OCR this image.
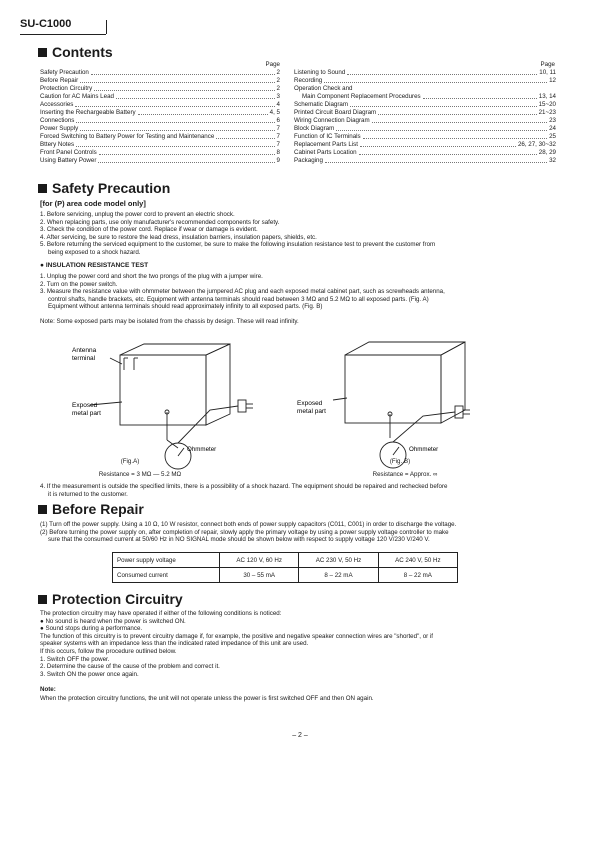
SU-C1000
Contents
Page	Page
Safety Precaution	2
Before Repair	2
Protection Circuitry	2
Caution for AC Mains Lead	3
Accessories	4
Inserting the Rechargeable Battery	4, 5
Connections	6
Power Supply	7
Forced Switching to Battery Power for Testing and Maintenance	7
Bttery Notes	7
Front Panel Controls	8
Using Battery Power	9
Listening to Sound	10, 11
Recording	12
Operation Check and
Main Component Replacement Procedures	13, 14
Schematic Diagram	15~20
Printed Circuit Board Diagram	21~23
Wiring Connection Diagram	23
Block Diagram	24
Function of IC Terminals	25
Replacement Parts List	26, 27, 30~32
Cabinet Parts Location	28, 29
Packaging	32
Safety Precaution
[for (P) area code model only]

1. Before servicing, unplug the power cord to prevent an electric shock.

2. When replacing parts, use only manufacturer's recommended components for safety.

3. Check the condition of the power cord. Replace if wear or damage is evident.

4. After servicing, be sure to restore the lead dress, insulation barriers, insulation papers, shields, etc.

5. Before returning the serviced equipment to the customer, be sure to make the following insulation resistance test to prevent the customer from

being exposed to a shock hazard.

● INSULATION RESISTANCE TEST

1. Unplug the power cord and short the two prongs of the plug with a jumper wire.

2. Turn on the power switch.

3. Measure the resistance value with ohmmeter between the jumpered AC plug and each exposed metal cabinet part, such as screwheads antenna,

control shafts, handle brackets, etc. Equipment with antenna terminals should read between 3 MΩ and 5.2 MΩ to all exposed parts. (Fig. A)

Equipment without antenna terminals should read approximately infinity to all exposed parts. (Fig. B)

Note: Some exposed parts may be isolated from the chassis by design. These will read infinity.
Antenna
terminal
Exposed
metal part
Ohmmeter
(Fig.A)
Resistance = 3 MΩ — 5.2 MΩ
Exposed
metal part
Ohmmeter
(Fig. B)
Resistance = Approx. ∞

4. If the measurement is outside the specified limits, there is a possibility of a shock hazard. The equipment should be repaired and rechecked before

it is returned to the customer.

Before Repair

(1) Turn off the power supply. Using a 10 Ω, 10 W resistor, connect both ends of power supply capacitors (C011, C001) in order to discharge the voltage.

(2) Before turning the power supply on, after completion of repair, slowly apply the primary voltage by using a power supply voltage controller to make

sure that the consumed current at 50/60 Hz in NO SIGNAL mode should be shown below with respect to supply voltage 120 V/230 V/240 V.

Power supply voltage	AC 120 V, 60 Hz	AC 230 V, 50 Hz	AC 240 V, 50 Hz
Consumed current	30 – 55 mA	8 – 22 mA	8 – 22 mA
Protection Circuitry

The protection circuitry may have operated if either of the following conditions is noticed:

● No sound is heard when the power is switched ON.

● Sound stops during a performance.

The function of this circuitry is to prevent circuitry damage if, for example, the positive and negative speaker connection wires are "shorted", or if

speaker systems with an impedance less than the indicated rated impedance of this unit are used.

If this occurs, follow the procedure outlined below.

1. Switch OFF the power.

2. Determine the cause of the cause of the problem and correct it.

3. Switch ON the power once again.

Note:
When the protection circuitry functions, the unit will not operate unless the power is first switched OFF and then ON again.
– 2 –
